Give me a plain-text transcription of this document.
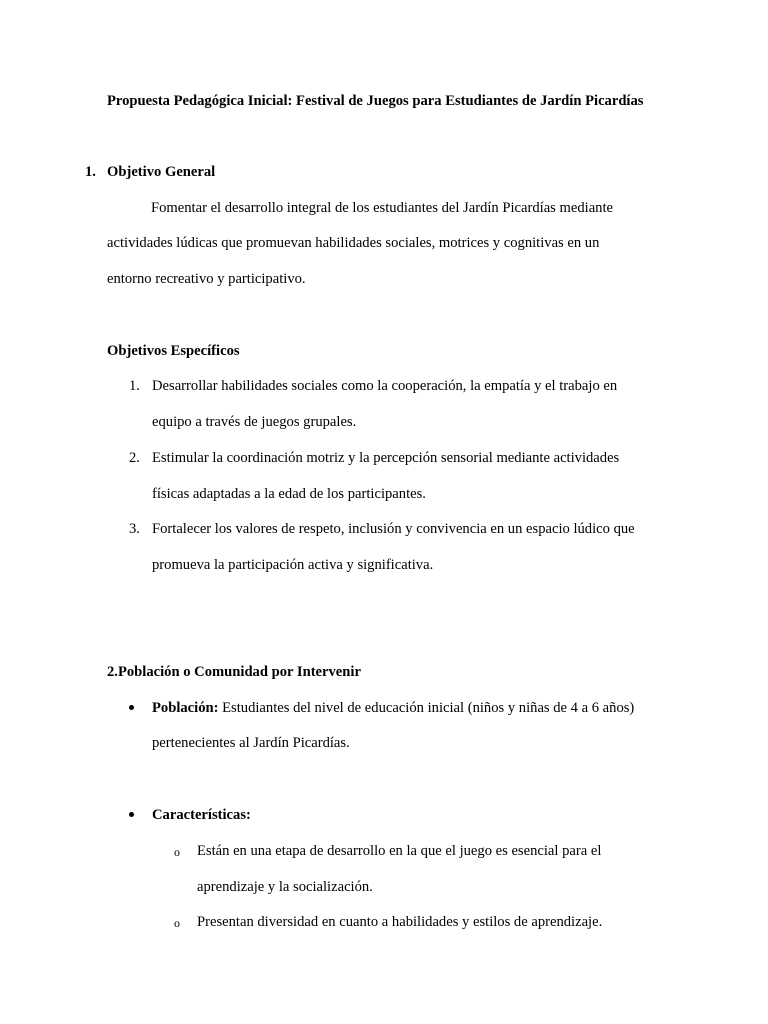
Propuesta Pedagógica Inicial: Festival de Juegos para Estudiantes de Jardín Picardías
1. Objetivo General
Fomentar el desarrollo integral de los estudiantes del Jardín Picardías mediante
actividades lúdicas que promuevan habilidades sociales, motrices y cognitivas en un
entorno recreativo y participativo.
Objetivos Específicos
1. Desarrollar habilidades sociales como la cooperación, la empatía y el trabajo en
equipo a través de juegos grupales.
2. Estimular la coordinación motriz y la percepción sensorial mediante actividades
físicas adaptadas a la edad de los participantes.
3. Fortalecer los valores de respeto, inclusión y convivencia en un espacio lúdico que
promueva la participación activa y significativa.
2.Población o Comunidad por Intervenir
Población: Estudiantes del nivel de educación inicial (niños y niñas de 4 a 6 años)
pertenecientes al Jardín Picardías.
Características:
o Están en una etapa de desarrollo en la que el juego es esencial para el
aprendizaje y la socialización.
o Presentan diversidad en cuanto a habilidades y estilos de aprendizaje.
